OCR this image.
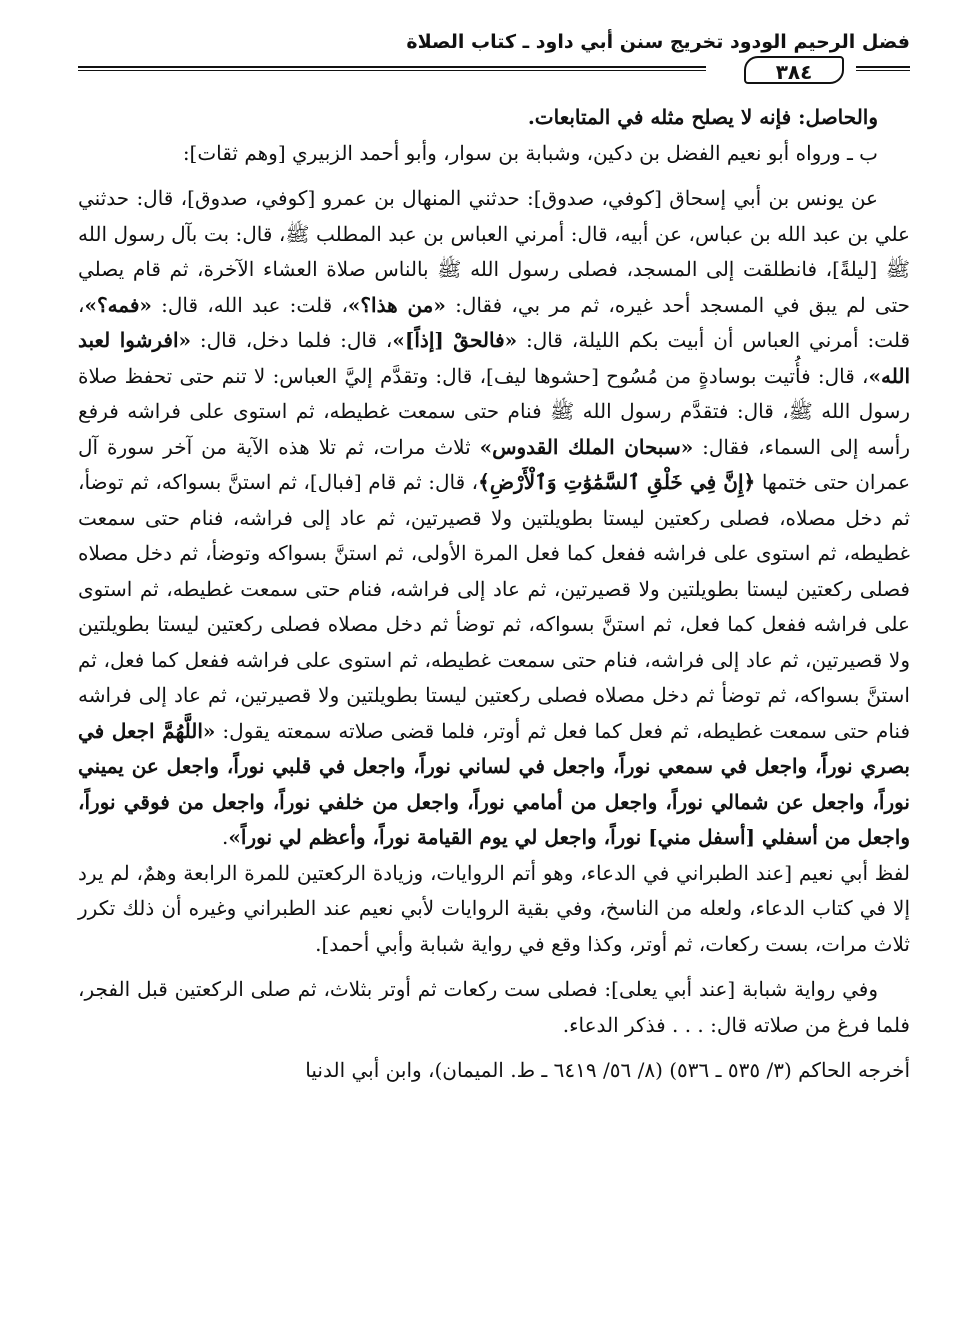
فضل الرحيم الودود تخريج سنن أبي داود ـ كتاب الصلاة
٣٨٤

والحاصل: فإنه لا يصلح مثله في المتابعات.

ب ـ ورواه أبو نعيم الفضل بن دكين، وشبابة بن سوار، وأبو أحمد الزبيري [وهم ثقات]:

عن يونس بن أبي إسحاق [كوفي، صدوق]: حدثني المنهال بن عمرو [كوفي، صدوق]، قال: حدثني علي بن عبد الله بن عباس، عن أبيه، قال: أمرني العباس بن عبد المطلب ﷺ، قال: بت بآل رسول الله ﷺ [ليلةً]، فانطلقت إلى المسجد، فصلى رسول الله ﷺ بالناس صلاة العشاء الآخرة، ثم قام يصلي حتى لم يبق في المسجد أحد غيره، ثم مر بي، فقال: «من هذا؟»، قلت: عبد الله، قال: «فمه؟»، قلت: أمرني العباس أن أبيت بكم الليلة، قال: «فالحقْ [إذاً]»، قال: فلما دخل، قال: «افرشوا لعبد الله»، قال: فأُتيت بوسادةٍ من مُسُوح [حشوها ليف]، قال: وتقدَّم إليَّ العباس: لا تنم حتى تحفظ صلاة رسول الله ﷺ، قال: فتقدَّم رسول الله ﷺ فنام حتى سمعت غطيطه، ثم استوى على فراشه فرفع رأسه إلى السماء، فقال: «سبحان الملك القدوس» ثلاث مرات، ثم تلا هذه الآية من آخر سورة آل عمران حتى ختمها ﴿إِنَّ فِي خَلْقِ ٱلسَّمَٰوَٰتِ وَٱلْأَرْضِ﴾، قال: ثم قام [فبال]، ثم استنَّ بسواكه، ثم توضأ، ثم دخل مصلاه، فصلى ركعتين ليستا بطويلتين ولا قصيرتين، ثم عاد إلى فراشه، فنام حتى سمعت غطيطه، ثم استوى على فراشه ففعل كما فعل المرة الأولى، ثم استنَّ بسواكه وتوضأ، ثم دخل مصلاه فصلى ركعتين ليستا بطويلتين ولا قصيرتين، ثم عاد إلى فراشه، فنام حتى سمعت غطيطه، ثم استوى على فراشه ففعل كما فعل، ثم استنَّ بسواكه، ثم توضأ ثم دخل مصلاه فصلى ركعتين ليستا بطويلتين ولا قصيرتين، ثم عاد إلى فراشه، فنام حتى سمعت غطيطه، ثم استوى على فراشه ففعل كما فعل، ثم استنَّ بسواكه، ثم توضأ ثم دخل مصلاه فصلى ركعتين ليستا بطويلتين ولا قصيرتين، ثم عاد إلى فراشه فنام حتى سمعت غطيطه، ثم فعل كما فعل ثم أوتر، فلما قضى صلاته سمعته يقول: «اللَّهُمَّ اجعل في بصري نوراً، واجعل في سمعي نوراً، واجعل في لساني نوراً، واجعل في قلبي نوراً، واجعل عن يميني نوراً، واجعل عن شمالي نوراً، واجعل من أمامي نوراً، واجعل من خلفي نوراً، واجعل من فوقي نوراً، واجعل من أسفلي [أسفل مني] نوراً، واجعل لي يوم القيامة نوراً، وأعظم لي نوراً».

لفظ أبي نعيم [عند الطبراني في الدعاء، وهو أتم الروايات، وزيادة الركعتين للمرة الرابعة وهمٌ، لم يرد إلا في كتاب الدعاء، ولعله من الناسخ، وفي بقية الروايات لأبي نعيم عند الطبراني وغيره أن ذلك تكرر ثلاث مرات، بست ركعات، ثم أوتر، وكذا وقع في رواية شبابة وأبي أحمد].

وفي رواية شبابة [عند أبي يعلى]: فصلى ست ركعات ثم أوتر بثلاث، ثم صلى الركعتين قبل الفجر، فلما فرغ من صلاته قال: . . . فذكر الدعاء.

أخرجه الحاكم (٣/ ٥٣٥ ـ ٥٣٦) (٨/ ٥٦/ ٦٤١٩ ـ ط. الميمان)، وابن أبي الدنيا
